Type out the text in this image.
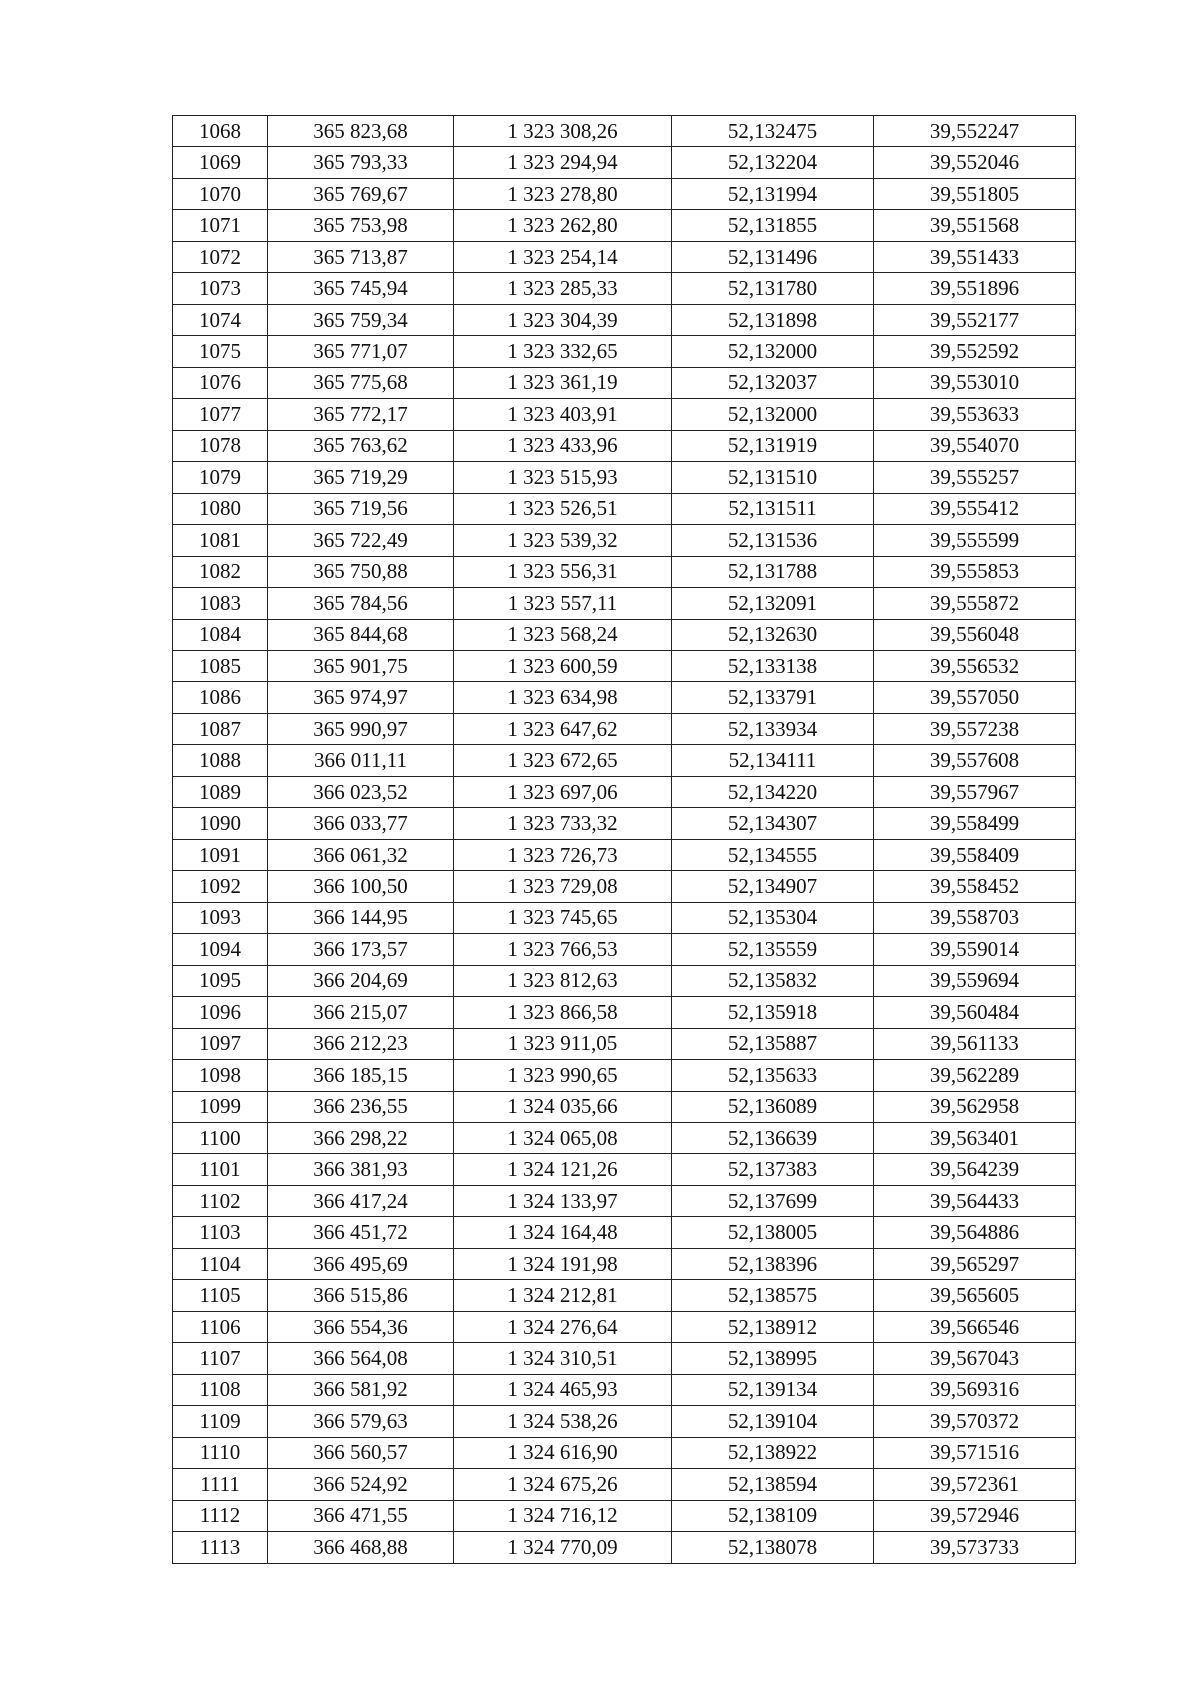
1068	365 823,68	1 323 308,26	52,132475	39,552247
1069	365 793,33	1 323 294,94	52,132204	39,552046
1070	365 769,67	1 323 278,80	52,131994	39,551805
1071	365 753,98	1 323 262,80	52,131855	39,551568
1072	365 713,87	1 323 254,14	52,131496	39,551433
1073	365 745,94	1 323 285,33	52,131780	39,551896
1074	365 759,34	1 323 304,39	52,131898	39,552177
1075	365 771,07	1 323 332,65	52,132000	39,552592
1076	365 775,68	1 323 361,19	52,132037	39,553010
1077	365 772,17	1 323 403,91	52,132000	39,553633
1078	365 763,62	1 323 433,96	52,131919	39,554070
1079	365 719,29	1 323 515,93	52,131510	39,555257
1080	365 719,56	1 323 526,51	52,131511	39,555412
1081	365 722,49	1 323 539,32	52,131536	39,555599
1082	365 750,88	1 323 556,31	52,131788	39,555853
1083	365 784,56	1 323 557,11	52,132091	39,555872
1084	365 844,68	1 323 568,24	52,132630	39,556048
1085	365 901,75	1 323 600,59	52,133138	39,556532
1086	365 974,97	1 323 634,98	52,133791	39,557050
1087	365 990,97	1 323 647,62	52,133934	39,557238
1088	366 011,11	1 323 672,65	52,134111	39,557608
1089	366 023,52	1 323 697,06	52,134220	39,557967
1090	366 033,77	1 323 733,32	52,134307	39,558499
1091	366 061,32	1 323 726,73	52,134555	39,558409
1092	366 100,50	1 323 729,08	52,134907	39,558452
1093	366 144,95	1 323 745,65	52,135304	39,558703
1094	366 173,57	1 323 766,53	52,135559	39,559014
1095	366 204,69	1 323 812,63	52,135832	39,559694
1096	366 215,07	1 323 866,58	52,135918	39,560484
1097	366 212,23	1 323 911,05	52,135887	39,561133
1098	366 185,15	1 323 990,65	52,135633	39,562289
1099	366 236,55	1 324 035,66	52,136089	39,562958
1100	366 298,22	1 324 065,08	52,136639	39,563401
1101	366 381,93	1 324 121,26	52,137383	39,564239
1102	366 417,24	1 324 133,97	52,137699	39,564433
1103	366 451,72	1 324 164,48	52,138005	39,564886
1104	366 495,69	1 324 191,98	52,138396	39,565297
1105	366 515,86	1 324 212,81	52,138575	39,565605
1106	366 554,36	1 324 276,64	52,138912	39,566546
1107	366 564,08	1 324 310,51	52,138995	39,567043
1108	366 581,92	1 324 465,93	52,139134	39,569316
1109	366 579,63	1 324 538,26	52,139104	39,570372
1110	366 560,57	1 324 616,90	52,138922	39,571516
1111	366 524,92	1 324 675,26	52,138594	39,572361
1112	366 471,55	1 324 716,12	52,138109	39,572946
1113	366 468,88	1 324 770,09	52,138078	39,573733
